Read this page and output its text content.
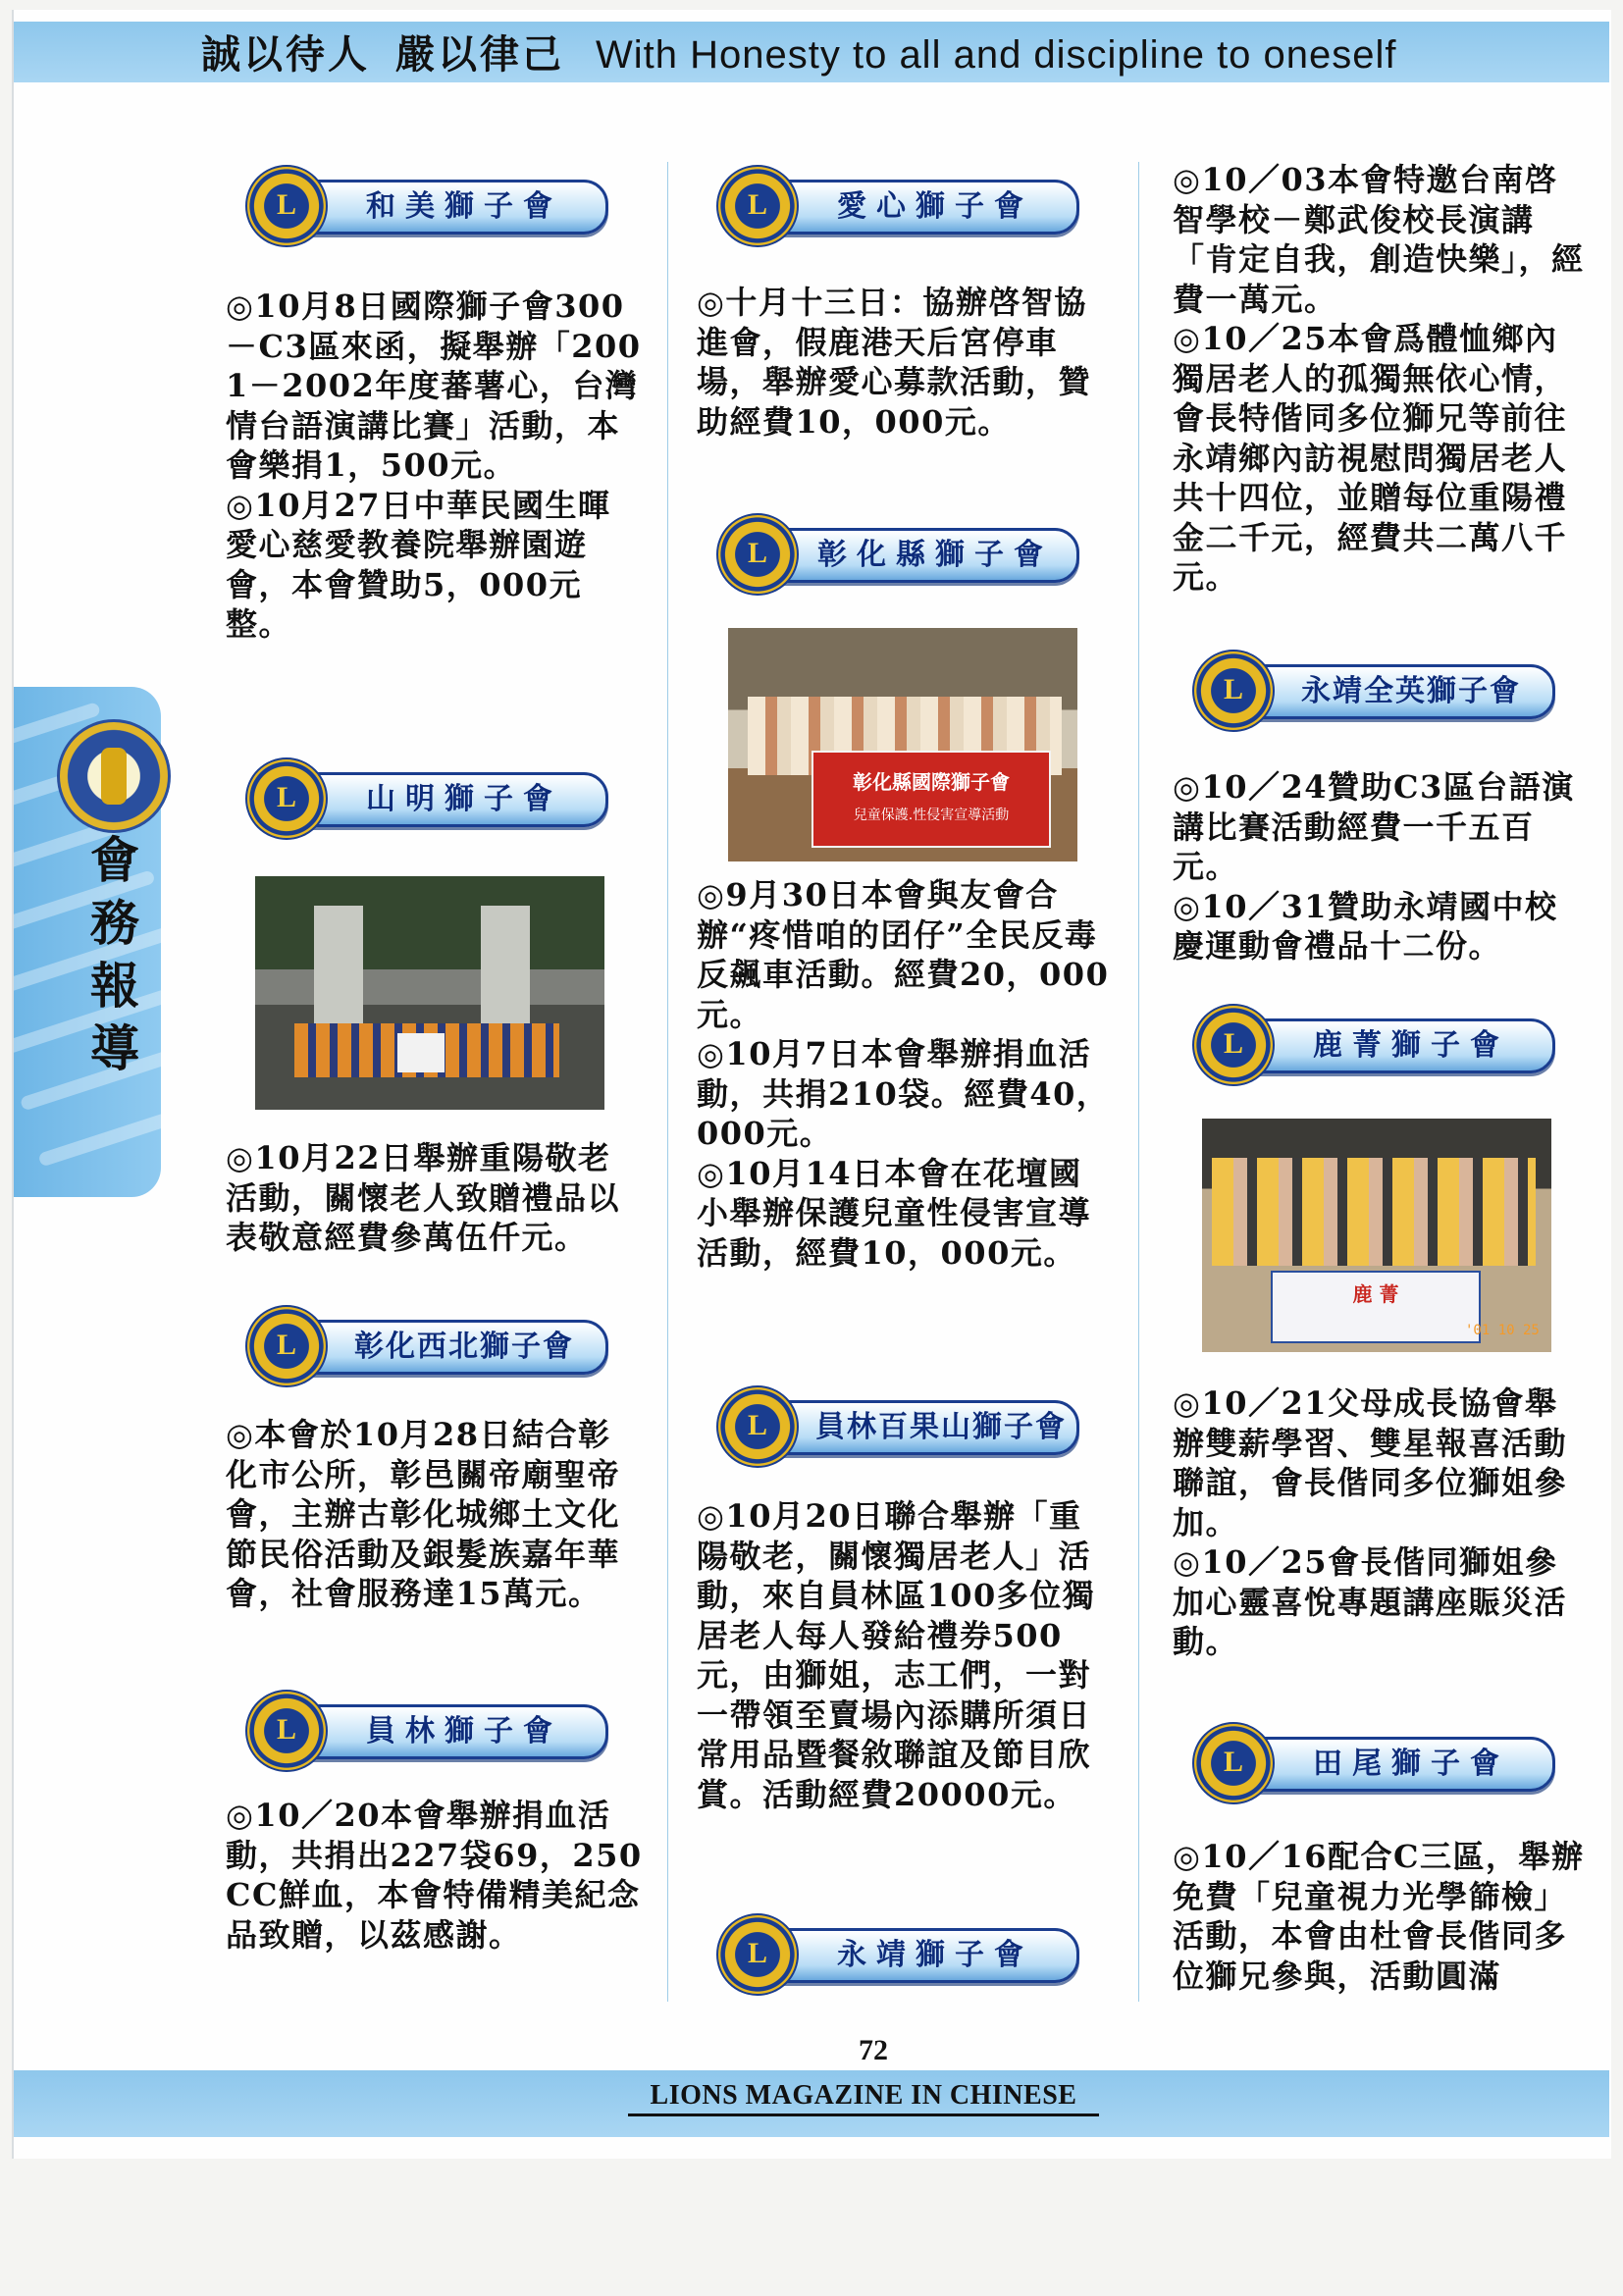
誠以待人 嚴以律己 With Honesty to all and discipline to oneself
會
務
報
導
和美獅子會
L
◎10月8日國際獅子會300－C3區來函，擬舉辦「2001－2002年度蕃薯心，台灣情台語演講比賽」活動，本會樂捐1，500元。
◎10月27日中華民國生暉愛心慈愛教養院舉辦園遊會，本會贊助5，000元整。
山明獅子會
L
◎10月22日舉辦重陽敬老活動，關懷老人致贈禮品以表敬意經費參萬伍仟元。
彰化西北獅子會
L
◎本會於10月28日結合彰化市公所，彰邑關帝廟聖帝會，主辦古彰化城鄉土文化節民俗活動及銀髮族嘉年華會，社會服務達15萬元。
員林獅子會
L
◎10／20本會舉辦捐血活動，共捐出227袋69，250CC鮮血，本會特備精美紀念品致贈，以茲感謝。
愛心獅子會
L
◎十月十三日：協辦啓智協進會，假鹿港天后宮停車場，舉辦愛心募款活動，贊助經費10，000元。
彰化縣獅子會
L
彰化縣國際獅子會
兒童保護.性侵害宣導活動
◎9月30日本會與友會合辦“疼惜咱的囝仔”全民反毒反飆車活動。經費20，000元。
◎10月7日本會舉辦捐血活動，共捐210袋。經費40，000元。
◎10月14日本會在花壇國小舉辦保護兒童性侵害宣導活動，經費10，000元。
員林百果山獅子會
L
◎10月20日聯合舉辦「重陽敬老，關懷獨居老人」活動，來自員林區100多位獨居老人每人發給禮券500元，由獅姐，志工們，一對一帶領至賣場內添購所須日常用品暨餐敘聯誼及節目欣賞。活動經費20000元。
永靖獅子會
L
◎10／03本會特邀台南啓智學校－鄭武俊校長演講「肯定自我，創造快樂」，經費一萬元。
◎10／25本會爲體恤鄉內獨居老人的孤獨無依心情，會長特偕同多位獅兄等前往永靖鄉內訪視慰問獨居老人共十四位，並贈每位重陽禮金二千元，經費共二萬八千元。
永靖全英獅子會
L
◎10／24贊助C3區台語演講比賽活動經費一千五百元。
◎10／31贊助永靖國中校慶運動會禮品十二份。
鹿菁獅子會
L
鹿 菁
'01 10 25
◎10／21父母成長協會舉辦雙薪學習、雙星報喜活動聯誼，會長偕同多位獅姐參加。
◎10／25會長偕同獅姐參加心靈喜悅專題講座賑災活動。
田尾獅子會
L
◎10／16配合C三區，舉辦免費「兒童視力光學篩檢」活動，本會由杜會長偕同多位獅兄參與，活動圓滿
72
LIONS MAGAZINE IN CHINESE
